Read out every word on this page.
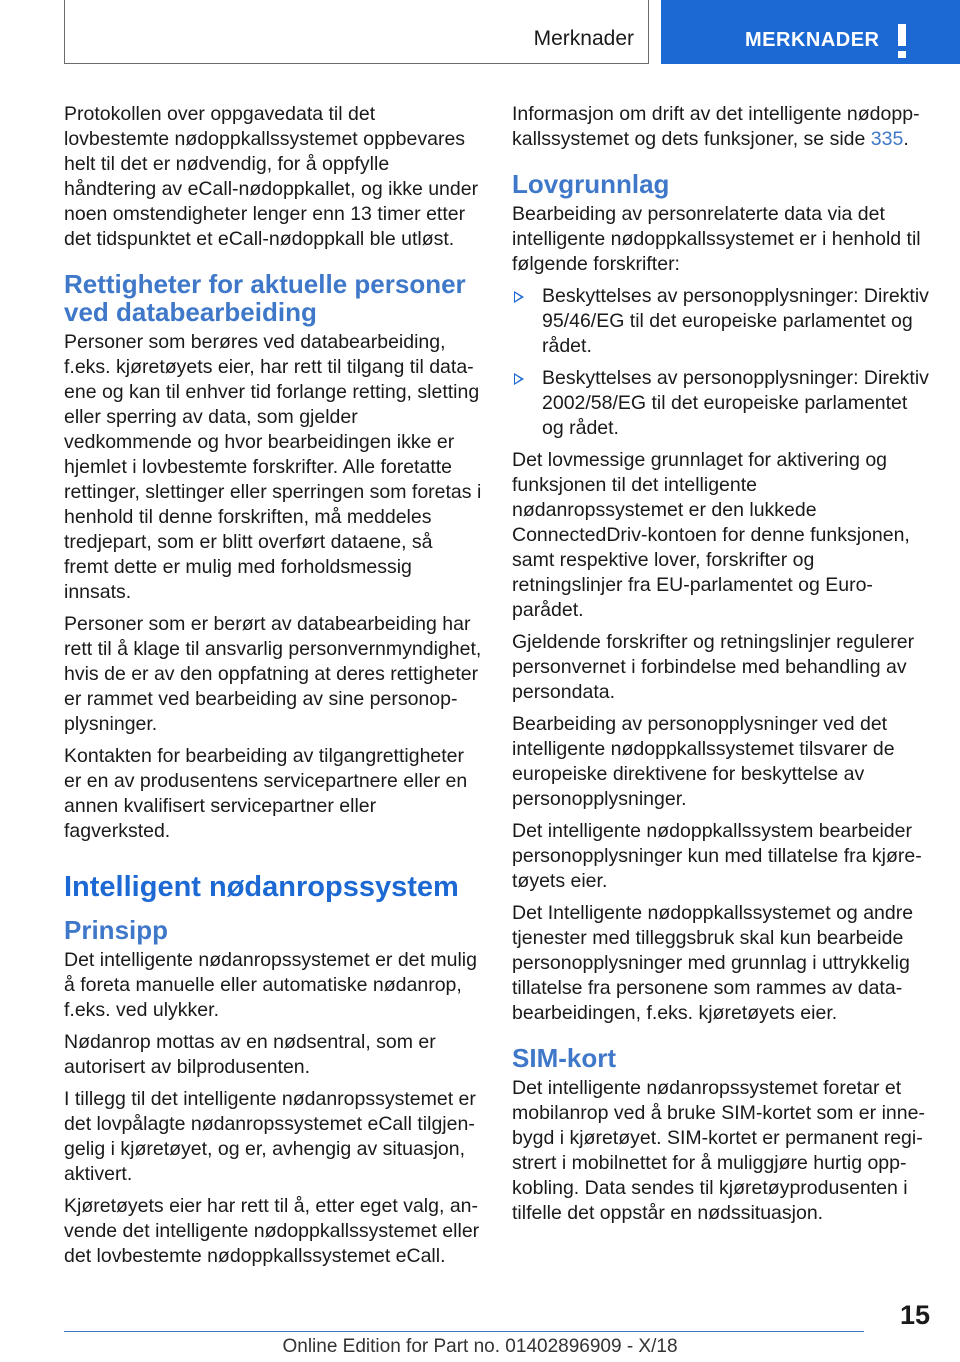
Merknader	MERKNADER

Protokollen over oppgavedata til det lovbestemte nødoppkallssystemet oppbevares helt til det er nødvendig, for å oppfylle håndtering av eCall-nødoppkallet, og ikke under noen omstendigheter lenger enn 13 timer etter det tidspunktet et eCall-nødoppkall ble utløst.

Rettigheter for aktuelle personer ved databearbeiding

Personer som berøres ved databearbeiding, f.eks. kjøretøyets eier, har rett til tilgang til dataene og kan til enhver tid forlange retting, sletting eller sperring av data, som gjelder vedkommende og hvor bearbeidingen ikke er hjemlet i lovbestemte forskrifter. Alle foretatte rettinger, slettinger eller sperringen som foretas i henhold til denne forskriften, må meddeles tredjepart, som er blitt overført dataene, så fremt dette er mulig med forholdsmessig innsats.

Personer som er berørt av databearbeiding har rett til å klage til ansvarlig personvernmyndighet, hvis de er av den oppfatning at deres rettigheter er rammet ved bearbeiding av sine personopplysninger.

Kontakten for bearbeiding av tilgangrettigheter er en av produsentens servicepartnere eller en annen kvalifisert servicepartner eller fagverksted.

Intelligent nødanropssystem
Prinsipp

Det intelligente nødanropssystemet er det mulig å foreta manuelle eller automatiske nødanrop, f.eks. ved ulykker.

Nødanrop mottas av en nødsentral, som er autorisert av bilprodusenten.

I tillegg til det intelligente nødanropssystemet er det lovpålagte nødanropssystemet eCall tilgjengelig i kjøretøyet, og er, avhengig av situasjon, aktivert.

Kjøretøyets eier har rett til å, etter eget valg, anvende det intelligente nødoppkallssystemet eller det lovbestemte nødoppkallssystemet eCall.

Informasjon om drift av det intelligente nødoppkallssystemet og dets funksjoner, se side 335.

Lovgrunnlag

Bearbeiding av personrelaterte data via det intelligente nødoppkallssystemet er i henhold til følgende forskrifter:

Beskyttelses av personopplysninger: Direktiv 95/46/EG til det europeiske parlamentet og rådet.
Beskyttelses av personopplysninger: Direktiv 2002/58/EG til det europeiske parlamentet og rådet.

Det lovmessige grunnlaget for aktivering og funksjonen til det intelligente nødanropssystemet er den lukkede ConnectedDriv-kontoen for denne funksjonen, samt respektive lover, forskrifter og retningslinjer fra EU-parlamentet og Europarådet.

Gjeldende forskrifter og retningslinjer regulerer personvernet i forbindelse med behandling av persondata.

Bearbeiding av personopplysninger ved det intelligente nødoppkallssystemet tilsvarer de europeiske direktivene for beskyttelse av personopplysninger.

Det intelligente nødoppkallssystem bearbeider personopplysninger kun med tillatelse fra kjøretøyets eier.

Det Intelligente nødoppkallssystemet og andre tjenester med tilleggsbruk skal kun bearbeide personopplysninger med grunnlag i uttrykkelig tillatelse fra personene som rammes av databearbeidingen, f.eks. kjøretøyets eier.

SIM-kort

Det intelligente nødanropssystemet foretar et mobilanrop ved å bruke SIM-kortet som er innebygd i kjøretøyet. SIM-kortet er permanent registrert i mobilnettet for å muliggjøre hurtig oppkobling. Data sendes til kjøretøyprodusenten i tilfelle det oppstår en nødssituasjon.

15
Online Edition for Part no. 01402896909 - X/18
